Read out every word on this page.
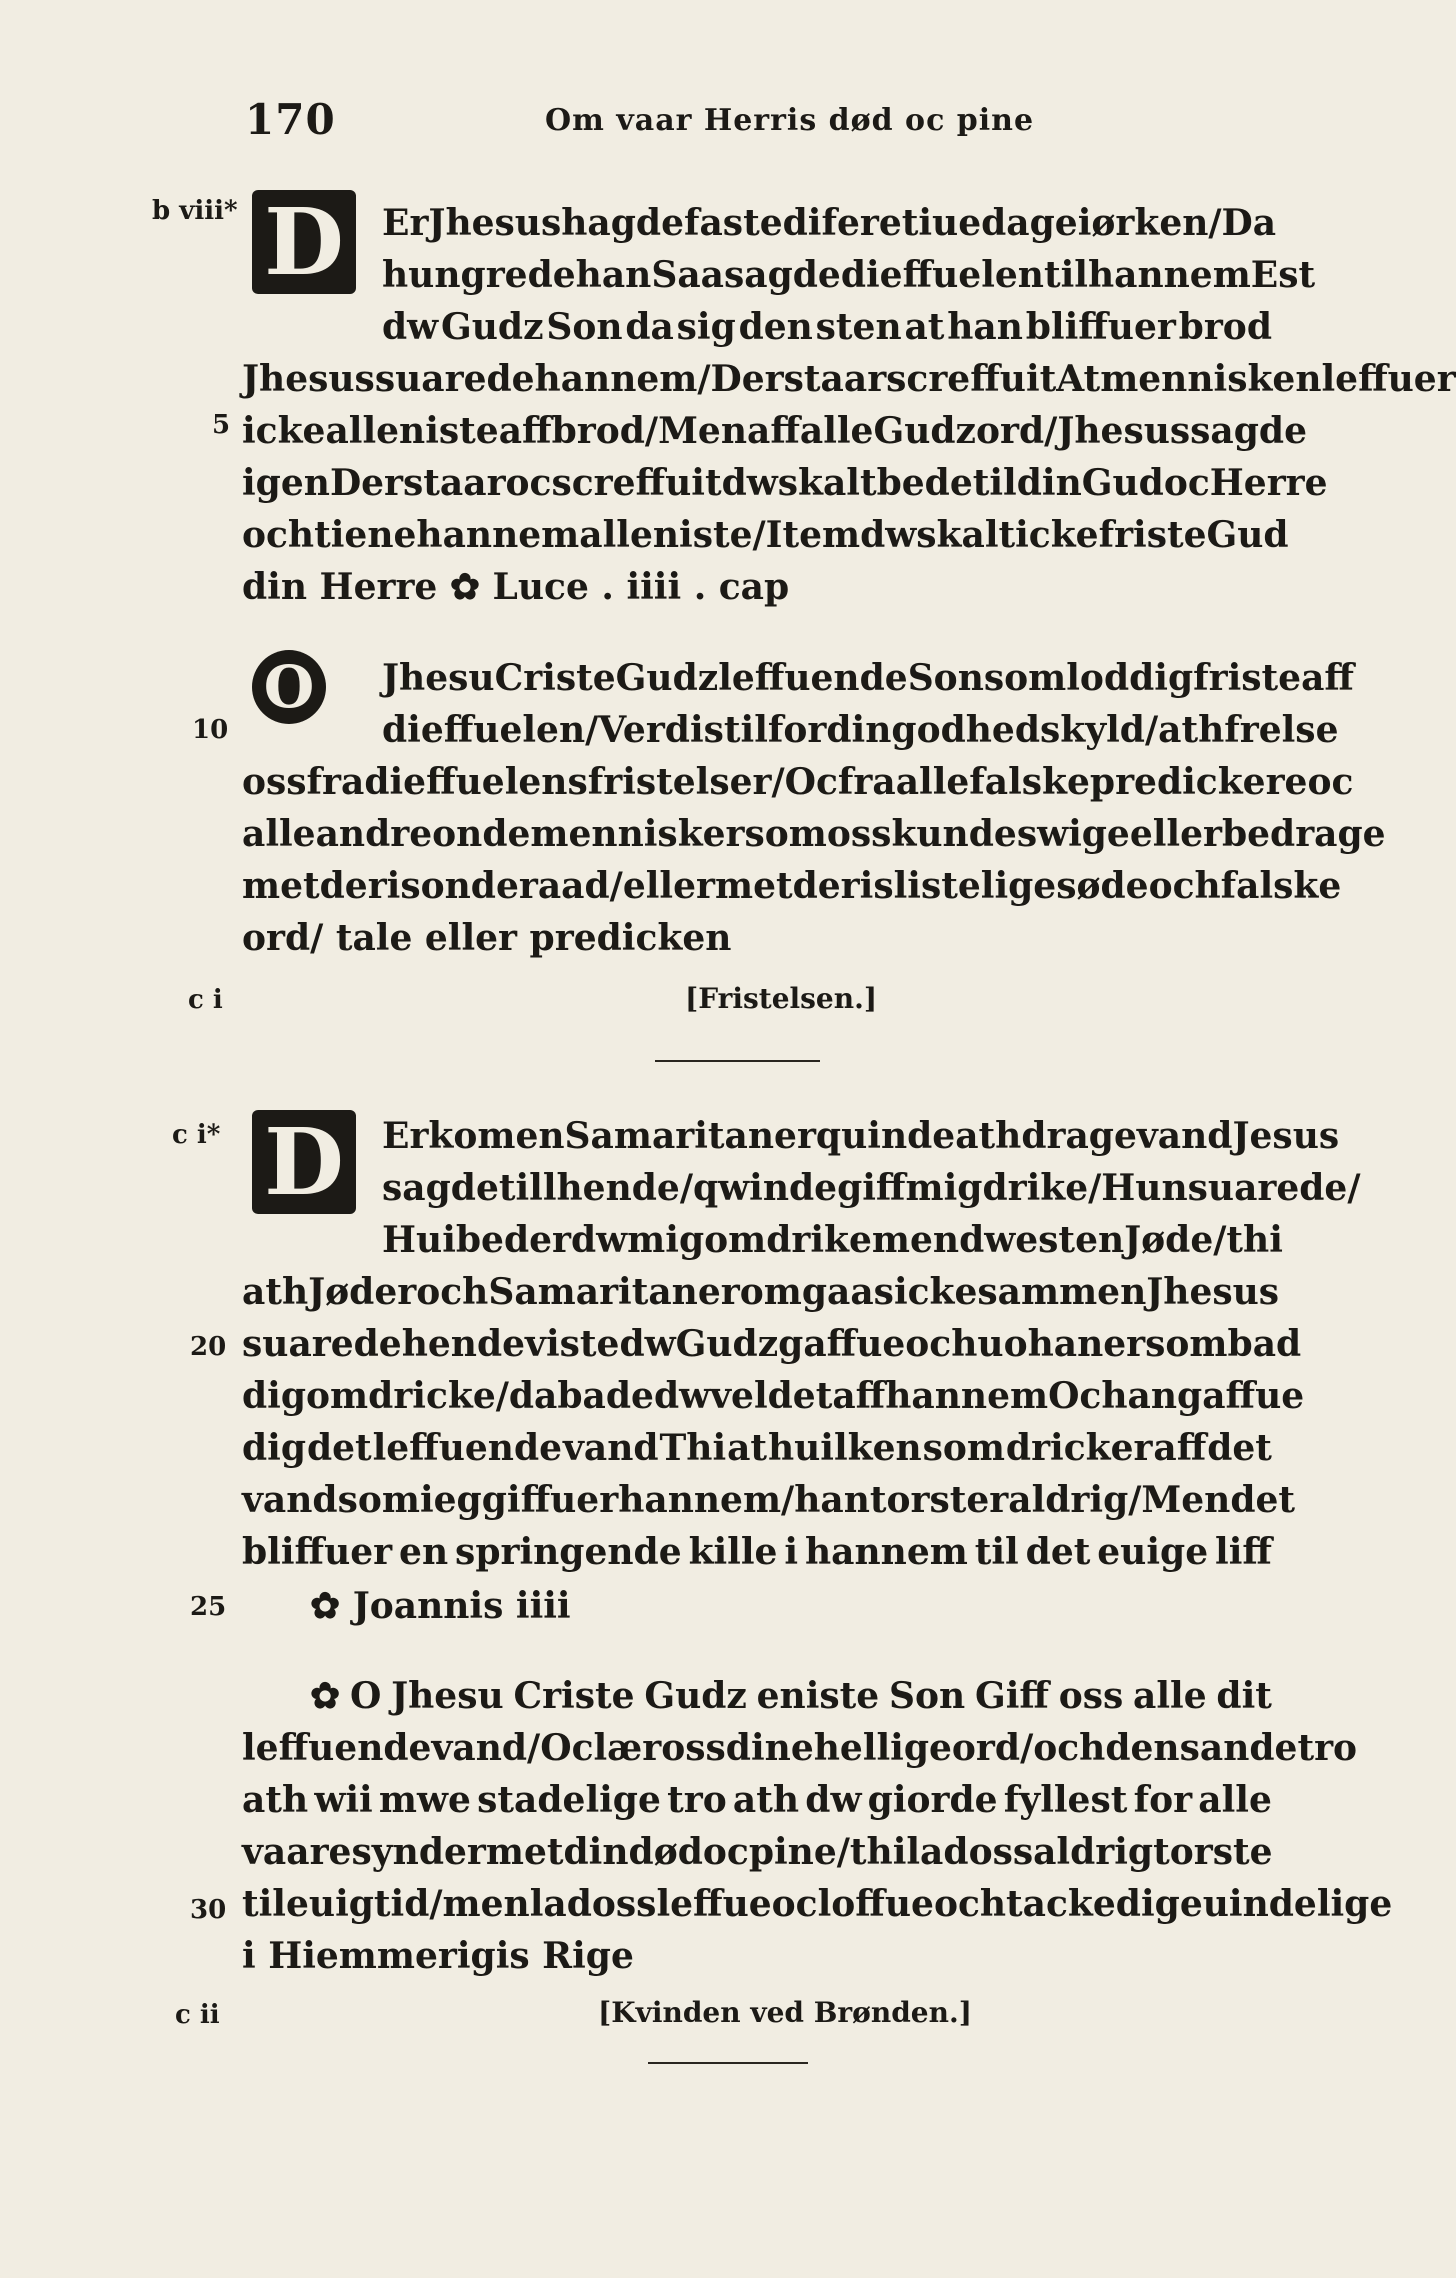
170	Om vaar Herris død oc pine
b viii*
5
10
c i
c i*
20
25
30
c ii
D	Er Jhesus hagde fasted i feretiue dage i ørken/ Da
hungrede han Saa sagde dieffuelen til hannem Est
dw Gudz Son da sig den sten at han bliffuer brod
Jhesus suarede hannem/ Der staar screffuit At menniskenleffuer
icke all eniste aff brod/ Men aff alle Gudz ord/ Jhesus sagde
igen Der staar oc screffuit dw skalt bede til din Gud oc Herre
och tiene hannem all eniste/ Item dw skalt icke friste Gud
din Herre ✿ Luce . iiii . cap
O	Jhesu Criste Gudz leffuende Son som lod dig friste aff
dieffuelen/ Verdis til for din godhed skyld/ ath frelse
oss fra dieffuelens fristelser/ Oc fra alle falske predickere oc
alle andre onde mennisker som oss kunde swige eller bedrage
met deris onde raad/ eller met deris listelige søde och falske
ord/ tale eller predicken
[Fristelsen.]
D	Er kom en Samaritaner quinde ath drage vand Jesus
sagde till hende/ qwinde giff mig drike/ Hun suarede/
Hui beder dw mig om drike men dw est en Jøde/ thi
ath Jøder och Samaritaner omgaas icke sammen Jhesus
suarede hende viste dw Gudz gaffue oc huo han er som bad
dig om dricke/ da bade dw vel det aff hannem Oc han gaffue
dig det leffuende vand Thi at huilken som dricker aff det
vand som ieg giffuer hannem/ han torster aldrig/ Men det
bliffuer en springende kille i hannem til det euige liff
✿ Joannis iiii
✿ O Jhesu Criste Gudz eniste Son Giff oss alle dit
leffuende vand/ Oc lær oss dine hellige ord/ och den sande tro
ath wii mwe stadelige tro ath dw giorde fyllest for alle
vaare synder met din død oc pine/ thi lad oss aldrig torste
til euig tid/ men lad oss leffue oc loffue och tacke dig euindelige
i Hiemmerigis Rige
[Kvinden ved Brønden.]
